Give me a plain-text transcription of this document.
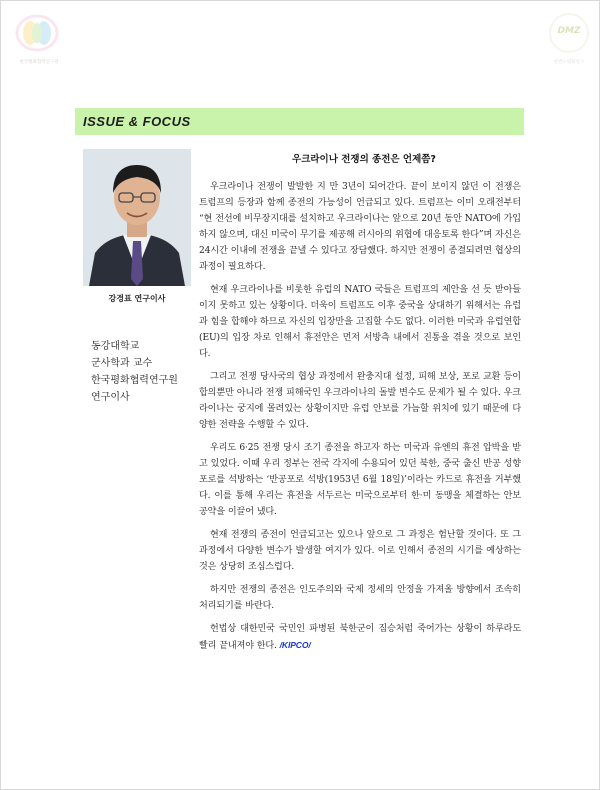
한국평화협력연구원
DMZ
한반도평화연구
ISSUE & FOCUS
강경표 연구이사
동강대학교
군사학과 교수
한국평화협력연구원
연구이사
우크라이나 전쟁의 종전은 언제쯤?

우크라이나 전쟁이 발발한 지 만 3년이 되어간다. 끝이 보이지 않던 이 전쟁은 트럼프의 등장과 함께 종전의 가능성이 언급되고 있다. 트럼프는 이미 오래전부터 “현 전선에 비무장지대를 설치하고 우크라이나는 앞으로 20년 동안 NATO에 가입하지 않으며, 대신 미국이 무기를 제공해 러시아의 위협에 대응토록 한다”며 자신은 24시간 이내에 전쟁을 끝낼 수 있다고 장담했다. 하지만 전쟁이 종결되려면 협상의 과정이 필요하다.

현재 우크라이나를 비롯한 유럽의 NATO 국들은 트럼프의 제안을 선 듯 받아들이지 못하고 있는 상황이다. 더욱이 트럼프도 이후 중국을 상대하기 위해서는 유럽과 힘을 합해야 하므로 자신의 입장만을 고집할 수도 없다. 이러한 미국과 유럽연합(EU)의 입장 차로 인해서 휴전안은 먼저 서방측 내에서 진통을 겪을 것으로 보인다.

그리고 전쟁 당사국의 협상 과정에서 완충지대 설정, 피해 보상, 포로 교환 등이 합의뿐만 아니라 전쟁 피해국인 우크라이나의 돌발 변수도 문제가 될 수 있다. 우크라이나는 궁지에 몰려있는 상황이지만 유럽 안보를 가늠할 위치에 있기 때문에 다양한 전략을 수행할 수 있다.

우리도 6·25 전쟁 당시 조기 종전을 하고자 하는 미국과 유엔의 휴전 압박을 받고 있었다. 이때 우리 정부는 전국 각지에 수용되어 있던 북한, 중국 출신 반공 성향 포로를 석방하는 ‘반공포로 석방(1953년 6월 18일)’이라는 카드로 휴전을 거부했다. 이를 통해 우리는 휴전을 서두르는 미국으로부터 한·미 동맹을 체결하는 안보 공약을 이끌어 냈다.

현재 전쟁의 종전이 언급되고는 있으나 앞으로 그 과정은 험난할 것이다. 또 그 과정에서 다양한 변수가 발생할 여지가 있다. 이로 인해서 종전의 시기를 예상하는 것은 상당히 조심스럽다.

하지만 전쟁의 종전은 인도주의와 국제 정세의 안정을 가져올 방향에서 조속히 처리되기를 바란다.

헌법상 대한민국 국민인 파병된 북한군이 짐승처럼 죽어가는 상황이 하루라도 빨리 끝내져야 한다. /KIPCO/
